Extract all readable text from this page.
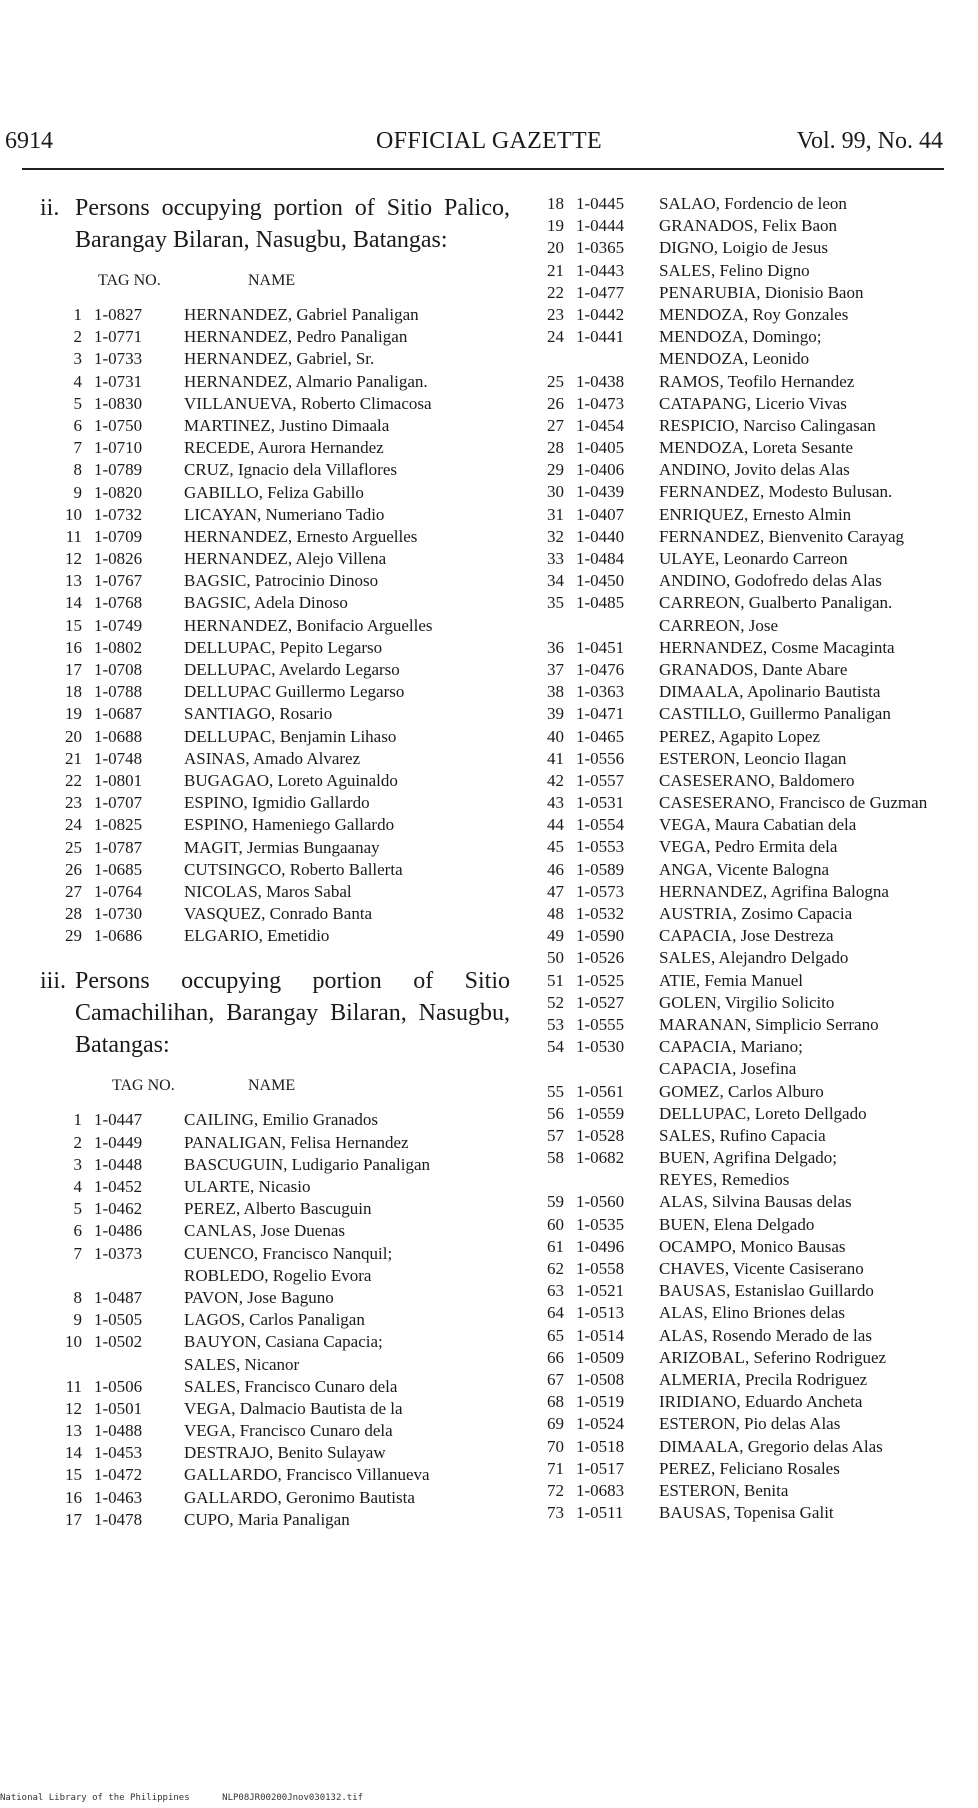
6914	OFFICIAL GAZETTE	Vol. 99, No. 44
ii. Persons occupying portion of Sitio Palico, Barangay Bilaran, Nasugbu, Batangas:
TAG NO.	NAME
1 1-0827	HERNANDEZ, Gabriel Panaligan
2 1-0771	HERNANDEZ, Pedro Panaligan
3 1-0733	HERNANDEZ, Gabriel, Sr.
4 1-0731	HERNANDEZ, Almario Panaligan.
5 1-0830	VILLANUEVA, Roberto Climacosa
6 1-0750	MARTINEZ, Justino Dimaala
7 1-0710	RECEDE, Aurora Hernandez
8 1-0789	CRUZ, Ignacio dela Villaflores
9 1-0820	GABILLO, Feliza Gabillo
10 1-0732	LICAYAN, Numeriano Tadio
11 1-0709	HERNANDEZ, Ernesto Arguelles
12 1-0826	HERNANDEZ, Alejo Villena
13 1-0767	BAGSIC, Patrocinio Dinoso
14 1-0768	BAGSIC, Adela Dinoso
15 1-0749	HERNANDEZ, Bonifacio Arguelles
16 1-0802	DELLUPAC, Pepito Legarso
17 1-0708	DELLUPAC, Avelardo Legarso
18 1-0788	DELLUPAC Guillermo Legarso
19 1-0687	SANTIAGO, Rosario
20 1-0688	DELLUPAC, Benjamin Lihaso
21 1-0748	ASINAS, Amado Alvarez
22 1-0801	BUGAGAO, Loreto Aguinaldo
23 1-0707	ESPINO, Igmidio Gallardo
24 1-0825	ESPINO, Hameniego Gallardo
25 1-0787	MAGIT, Jermias Bungaanay
26 1-0685	CUTSINGCO, Roberto Ballerta
27 1-0764	NICOLAS, Maros Sabal
28 1-0730	VASQUEZ, Conrado Banta
29 1-0686	ELGARIO, Emetidio
iii. Persons occupying portion of Sitio Camachilihan, Barangay Bilaran, Nasugbu, Batangas:
TAG NO.	NAME
1 1-0447	CAILING, Emilio Granados
2 1-0449	PANALIGAN, Felisa Hernandez
3 1-0448	BASCUGUIN, Ludigario Panaligan
4 1-0452	ULARTE, Nicasio
5 1-0462	PEREZ, Alberto Bascuguin
6 1-0486	CANLAS, Jose Duenas
7 1-0373	CUENCO, Francisco Nanquil;
ROBLEDO, Rogelio Evora
8 1-0487	PAVON, Jose Baguno
9 1-0505	LAGOS, Carlos Panaligan
10 1-0502	BAUYON, Casiana Capacia;
SALES, Nicanor
11 1-0506	SALES, Francisco Cunaro dela
12 1-0501	VEGA, Dalmacio Bautista de la
13 1-0488	VEGA, Francisco Cunaro dela
14 1-0453	DESTRAJO, Benito Sulayaw
15 1-0472	GALLARDO, Francisco Villanueva
16 1-0463	GALLARDO, Geronimo Bautista
17 1-0478	CUPO, Maria Panaligan
18 1-0445	SALAO, Fordencio de leon
19 1-0444	GRANADOS, Felix Baon
20 1-0365	DIGNO, Loigio de Jesus
21 1-0443	SALES, Felino Digno
22 1-0477	PENARUBIA, Dionisio Baon
23 1-0442	MENDOZA, Roy Gonzales
24 1-0441	MENDOZA, Domingo;
MENDOZA, Leonido
25 1-0438	RAMOS, Teofilo Hernandez
26 1-0473	CATAPANG, Licerio Vivas
27 1-0454	RESPICIO, Narciso Calingasan
28 1-0405	MENDOZA, Loreta Sesante
29 1-0406	ANDINO, Jovito delas Alas
30 1-0439	FERNANDEZ, Modesto Bulusan.
31 1-0407	ENRIQUEZ, Ernesto Almin
32 1-0440	FERNANDEZ, Bienvenito Carayag
33 1-0484	ULAYE, Leonardo Carreon
34 1-0450	ANDINO, Godofredo delas Alas
35 1-0485	CARREON, Gualberto Panaligan.
CARREON, Jose
36 1-0451	HERNANDEZ, Cosme Macaginta
37 1-0476	GRANADOS, Dante Abare
38 1-0363	DIMAALA, Apolinario Bautista
39 1-0471	CASTILLO, Guillermo Panaligan
40 1-0465	PEREZ, Agapito Lopez
41 1-0556	ESTERON, Leoncio Ilagan
42 1-0557	CASESERANO, Baldomero
43 1-0531	CASESERANO, Francisco de Guzman
44 1-0554	VEGA, Maura Cabatian dela
45 1-0553	VEGA, Pedro Ermita dela
46 1-0589	ANGA, Vicente Balogna
47 1-0573	HERNANDEZ, Agrifina Balogna
48 1-0532	AUSTRIA, Zosimo Capacia
49 1-0590	CAPACIA, Jose Destreza
50 1-0526	SALES, Alejandro Delgado
51 1-0525	ATIE, Femia Manuel
52 1-0527	GOLEN, Virgilio Solicito
53 1-0555	MARANAN, Simplicio Serrano
54 1-0530	CAPACIA, Mariano;
CAPACIA, Josefina
55 1-0561	GOMEZ, Carlos Alburo
56 1-0559	DELLUPAC, Loreto Dellgado
57 1-0528	SALES, Rufino Capacia
58 1-0682	BUEN, Agrifina Delgado;
REYES, Remedios
59 1-0560	ALAS, Silvina Bausas delas
60 1-0535	BUEN, Elena Delgado
61 1-0496	OCAMPO, Monico Bausas
62 1-0558	CHAVES, Vicente Casiserano
63 1-0521	BAUSAS, Estanislao Guillardo
64 1-0513	ALAS, Elino Briones delas
65 1-0514	ALAS, Rosendo Merado de las
66 1-0509	ARIZOBAL, Seferino Rodriguez
67 1-0508	ALMERIA, Precila Rodriguez
68 1-0519	IRIDIANO, Eduardo Ancheta
69 1-0524	ESTERON, Pio delas Alas
70 1-0518	DIMAALA, Gregorio delas Alas
71 1-0517	PEREZ, Feliciano Rosales
72 1-0683	ESTERON, Benita
73 1-0511	BAUSAS, Topenisa Galit
National Library of the Philippines	NLP08JR00200Jnov030132.tif
